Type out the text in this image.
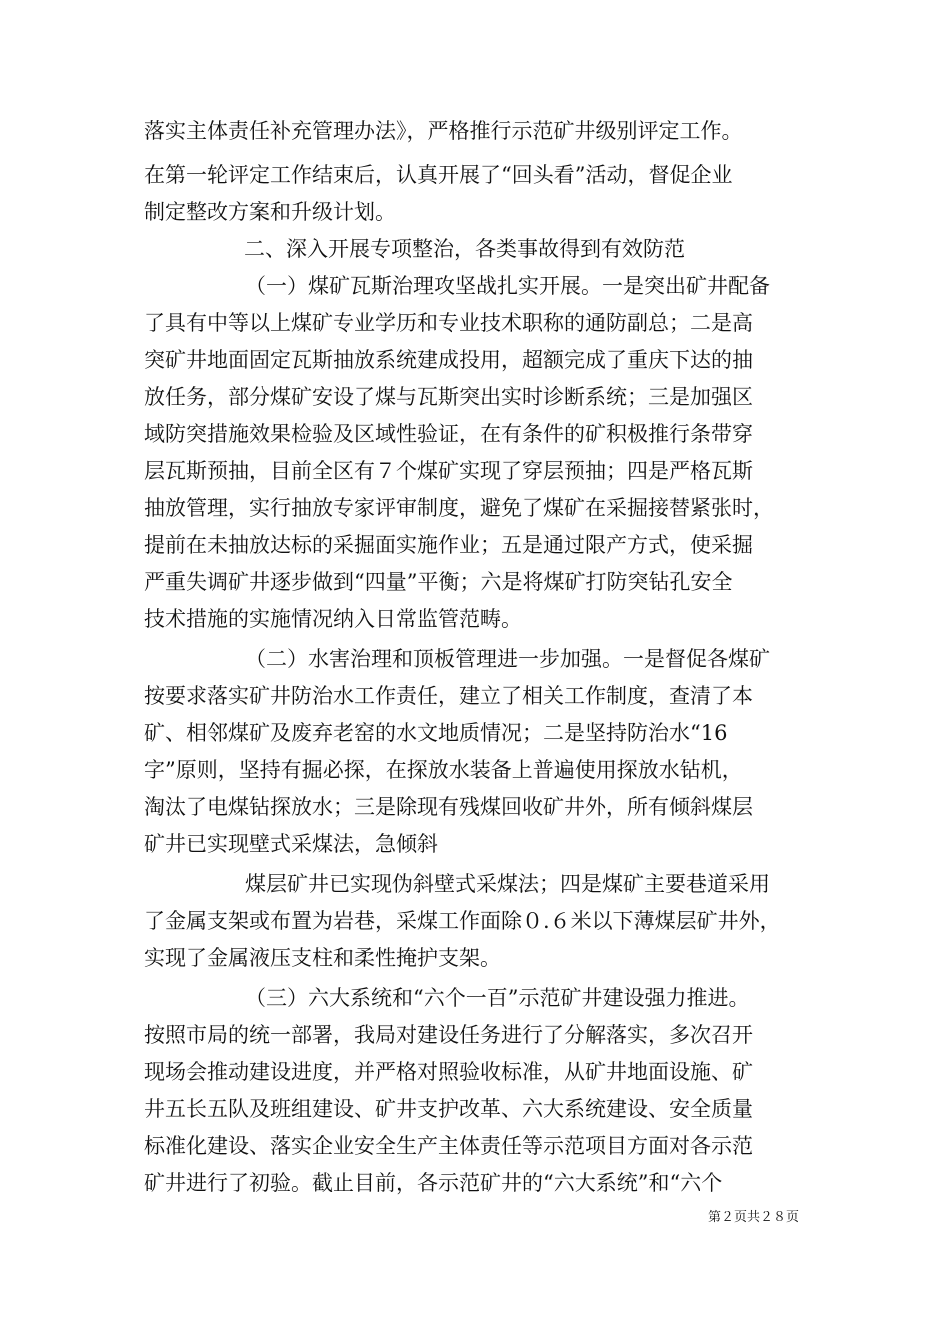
落实主体责任补充管理办法》，严格推行示范矿井级别评定工作。
在第一轮评定工作结束后，认真开展了“回头看”活动，督促企业
制定整改方案和升级计划。
二、深入开展专项整治，各类事故得到有效防范
（一）煤矿瓦斯治理攻坚战扎实开展。一是突出矿井配备
了具有中等以上煤矿专业学历和专业技术职称的通防副总；二是高
突矿井地面固定瓦斯抽放系统建成投用，超额完成了重庆下达的抽
放任务，部分煤矿安设了煤与瓦斯突出实时诊断系统；三是加强区
域防突措施效果检验及区域性验证，在有条件的矿积极推行条带穿
层瓦斯预抽，目前全区有７个煤矿实现了穿层预抽；四是严格瓦斯
抽放管理，实行抽放专家评审制度，避免了煤矿在采掘接替紧张时，
提前在未抽放达标的采掘面实施作业；五是通过限产方式，使采掘
严重失调矿井逐步做到“四量”平衡；六是将煤矿打防突钻孔安全
技术措施的实施情况纳入日常监管范畴。
（二）水害治理和顶板管理进一步加强。一是督促各煤矿
按要求落实矿井防治水工作责任，建立了相关工作制度，查清了本
矿、相邻煤矿及废弃老窑的水文地质情况；二是坚持防治水“16
字”原则，坚持有掘必探，在探放水装备上普遍使用探放水钻机，
淘汰了电煤钻探放水；三是除现有残煤回收矿井外，所有倾斜煤层
矿井已实现壁式采煤法，急倾斜
煤层矿井已实现伪斜壁式采煤法；四是煤矿主要巷道采用
了金属支架或布置为岩巷，采煤工作面除０.６米以下薄煤层矿井外，
实现了金属液压支柱和柔性掩护支架。
（三）六大系统和“六个一百”示范矿井建设强力推进。
按照市局的统一部署，我局对建设任务进行了分解落实，多次召开
现场会推动建设进度，并严格对照验收标准，从矿井地面设施、矿
井五长五队及班组建设、矿井支护改革、六大系统建设、安全质量
标准化建设、落实企业安全生产主体责任等示范项目方面对各示范
矿井进行了初验。截止目前，各示范矿井的“六大系统”和“六个
第２页共２８页
